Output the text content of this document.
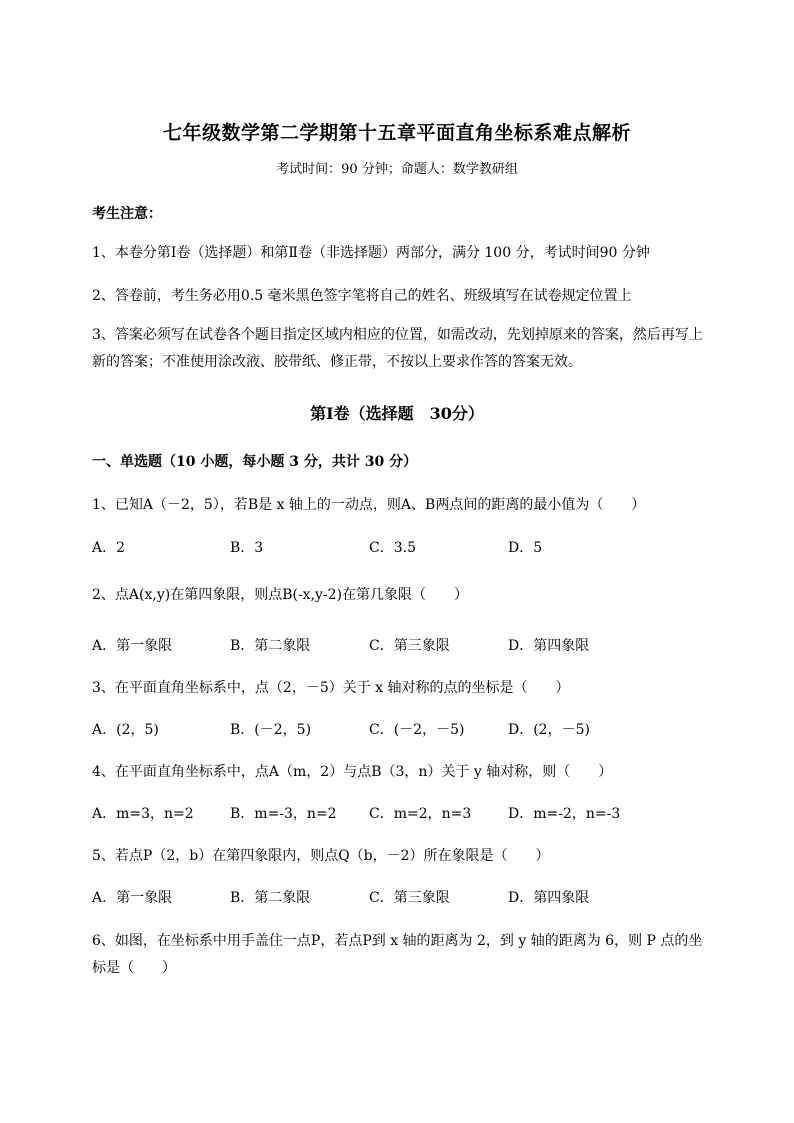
七年级数学第二学期第十五章平面直角坐标系难点解析
考试时间：90 分钟；命题人：数学教研组
考生注意：
1、本卷分第Ⅰ卷（选择题）和第Ⅱ卷（非选择题）两部分，满分 100 分，考试时间90 分钟
2、答卷前，考生务必用0.5 毫米黑色签字笔将自己的姓名、班级填写在试卷规定位置上
3、答案必须写在试卷各个题目指定区域内相应的位置，如需改动，先划掉原来的答案，然后再写上新的答案；不准使用涂改液、胶带纸、修正带，不按以上要求作答的答案无效。
第Ⅰ卷（选择题　30分）
一、单选题（10 小题，每小题 3 分，共计 30 分）
1、已知A（－2，5），若B是 x 轴上的一动点，则A、B两点间的距离的最小值为（　　）
A．2	B．3	C．3.5	D．5
2、点A(x,y)在第四象限，则点B(-x,y-2)在第几象限（　　）
A．第一象限	B．第二象限	C．第三象限	D．第四象限
3、在平面直角坐标系中，点（2，－5）关于 x 轴对称的点的坐标是（　　）
A．(2，5)	B．(－2，5)	C．(－2，－5)	D．(2，－5)
4、在平面直角坐标系中，点A（m，2）与点B（3，n）关于 y 轴对称，则（　　）
A．m=3，n=2	B．m=-3，n=2 C．m=2，n=3	D．m=-2，n=-3
5、若点P（2，b）在第四象限内，则点Q（b，－2）所在象限是（　　）
A．第一象限	B．第二象限	C．第三象限	D．第四象限
6、如图，在坐标系中用手盖住一点P，若点P到 x 轴的距离为 2，到 y 轴的距离为 6，则 P 点的坐标是（　　）
